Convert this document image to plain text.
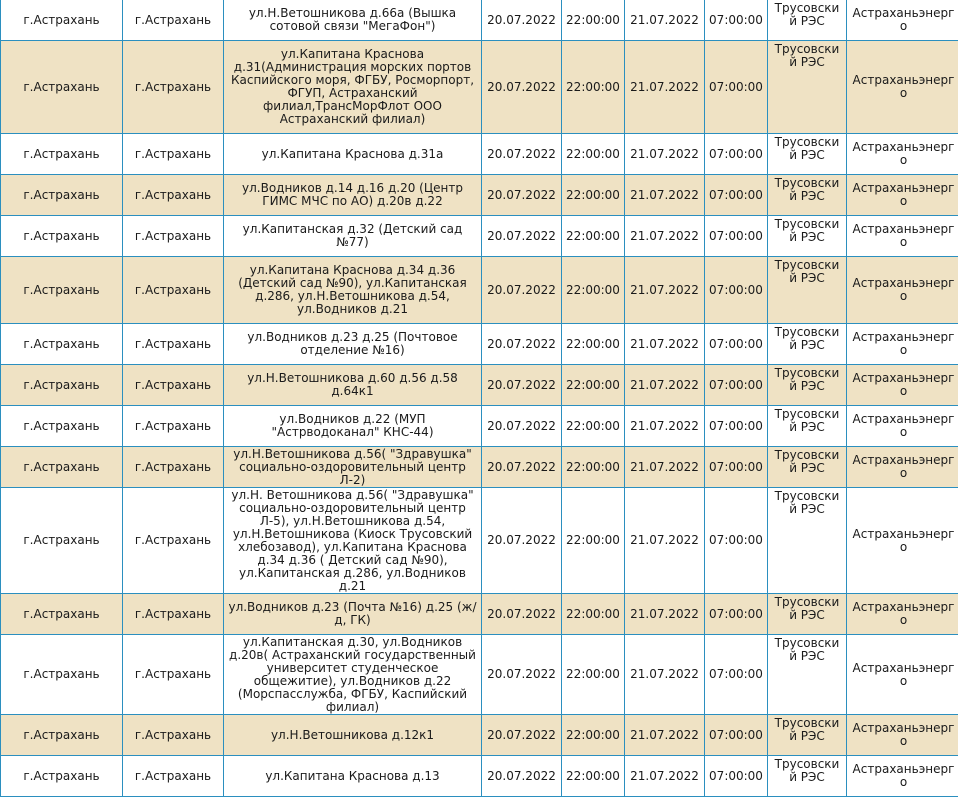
г.Астрахань	г.Астрахань	ул.Н.Ветошникова д.66а (Вышка сотовой связи "МегаФон")	20.07.2022	22:00:00	21.07.2022	07:00:00	Трусовский РЭС	Астраханьэнерго
г.Астрахань	г.Астрахань	ул.Капитана Краснова д.31(Администрация морских портов Каспийского моря, ФГБУ, Росморпорт, ФГУП, Астраханский филиал,ТрансМорФлот ООО Астраханский филиал)	20.07.2022	22:00:00	21.07.2022	07:00:00	Трусовский РЭС	Астраханьэнерго
г.Астрахань	г.Астрахань	ул.Капитана Краснова д.31а	20.07.2022	22:00:00	21.07.2022	07:00:00	Трусовский РЭС	Астраханьэнерго
г.Астрахань	г.Астрахань	ул.Водников д.14 д.16 д.20 (Центр ГИМС МЧС по АО) д.20в д.22	20.07.2022	22:00:00	21.07.2022	07:00:00	Трусовский РЭС	Астраханьэнерго
г.Астрахань	г.Астрахань	ул.Капитанская д.32 (Детский сад №77)	20.07.2022	22:00:00	21.07.2022	07:00:00	Трусовский РЭС	Астраханьэнерго
г.Астрахань	г.Астрахань	ул.Капитана Краснова д.34 д.36 (Детский сад №90), ул.Капитанская д.286, ул.Н.Ветошникова д.54, ул.Водников д.21	20.07.2022	22:00:00	21.07.2022	07:00:00	Трусовский РЭС	Астраханьэнерго
г.Астрахань	г.Астрахань	ул.Водников д.23 д.25 (Почтовое отделение №16)	20.07.2022	22:00:00	21.07.2022	07:00:00	Трусовский РЭС	Астраханьэнерго
г.Астрахань	г.Астрахань	ул.Н.Ветошникова д.60 д.56 д.58 д.64к1	20.07.2022	22:00:00	21.07.2022	07:00:00	Трусовский РЭС	Астраханьэнерго
г.Астрахань	г.Астрахань	ул.Водников д.22 (МУП "Астрводоканал" КНС-44)	20.07.2022	22:00:00	21.07.2022	07:00:00	Трусовский РЭС	Астраханьэнерго
г.Астрахань	г.Астрахань	ул.Н.Ветошникова д.56( "Здравушка" социально-оздоровительный центр Л-2)	20.07.2022	22:00:00	21.07.2022	07:00:00	Трусовский РЭС	Астраханьэнерго
г.Астрахань	г.Астрахань	ул.Н. Ветошникова д.56( "Здравушка" социально-оздоровительный центр Л-5), ул.Н.Ветошникова д.54, ул.Н.Ветошникова (Киоск Трусовский хлебозавод), ул.Капитана Краснова д.34 д.36 ( Детский сад №90), ул.Капитанская д.286, ул.Водников д.21	20.07.2022	22:00:00	21.07.2022	07:00:00	Трусовский РЭС	Астраханьэнерго
г.Астрахань	г.Астрахань	ул.Водников д.23 (Почта №16) д.25 (ж/д, ГК)	20.07.2022	22:00:00	21.07.2022	07:00:00	Трусовский РЭС	Астраханьэнерго
г.Астрахань	г.Астрахань	ул.Капитанская д.30, ул.Водников д.20в( Астраханский государственный университет студенческое общежитие), ул.Водников д.22 (Морспасслужба, ФГБУ, Каспийский филиал)	20.07.2022	22:00:00	21.07.2022	07:00:00	Трусовский РЭС	Астраханьэнерго
г.Астрахань	г.Астрахань	ул.Н.Ветошникова д.12к1	20.07.2022	22:00:00	21.07.2022	07:00:00	Трусовский РЭС	Астраханьэнерго
г.Астрахань	г.Астрахань	ул.Капитана Краснова д.13	20.07.2022	22:00:00	21.07.2022	07:00:00	Трусовский РЭС	Астраханьэнерго
